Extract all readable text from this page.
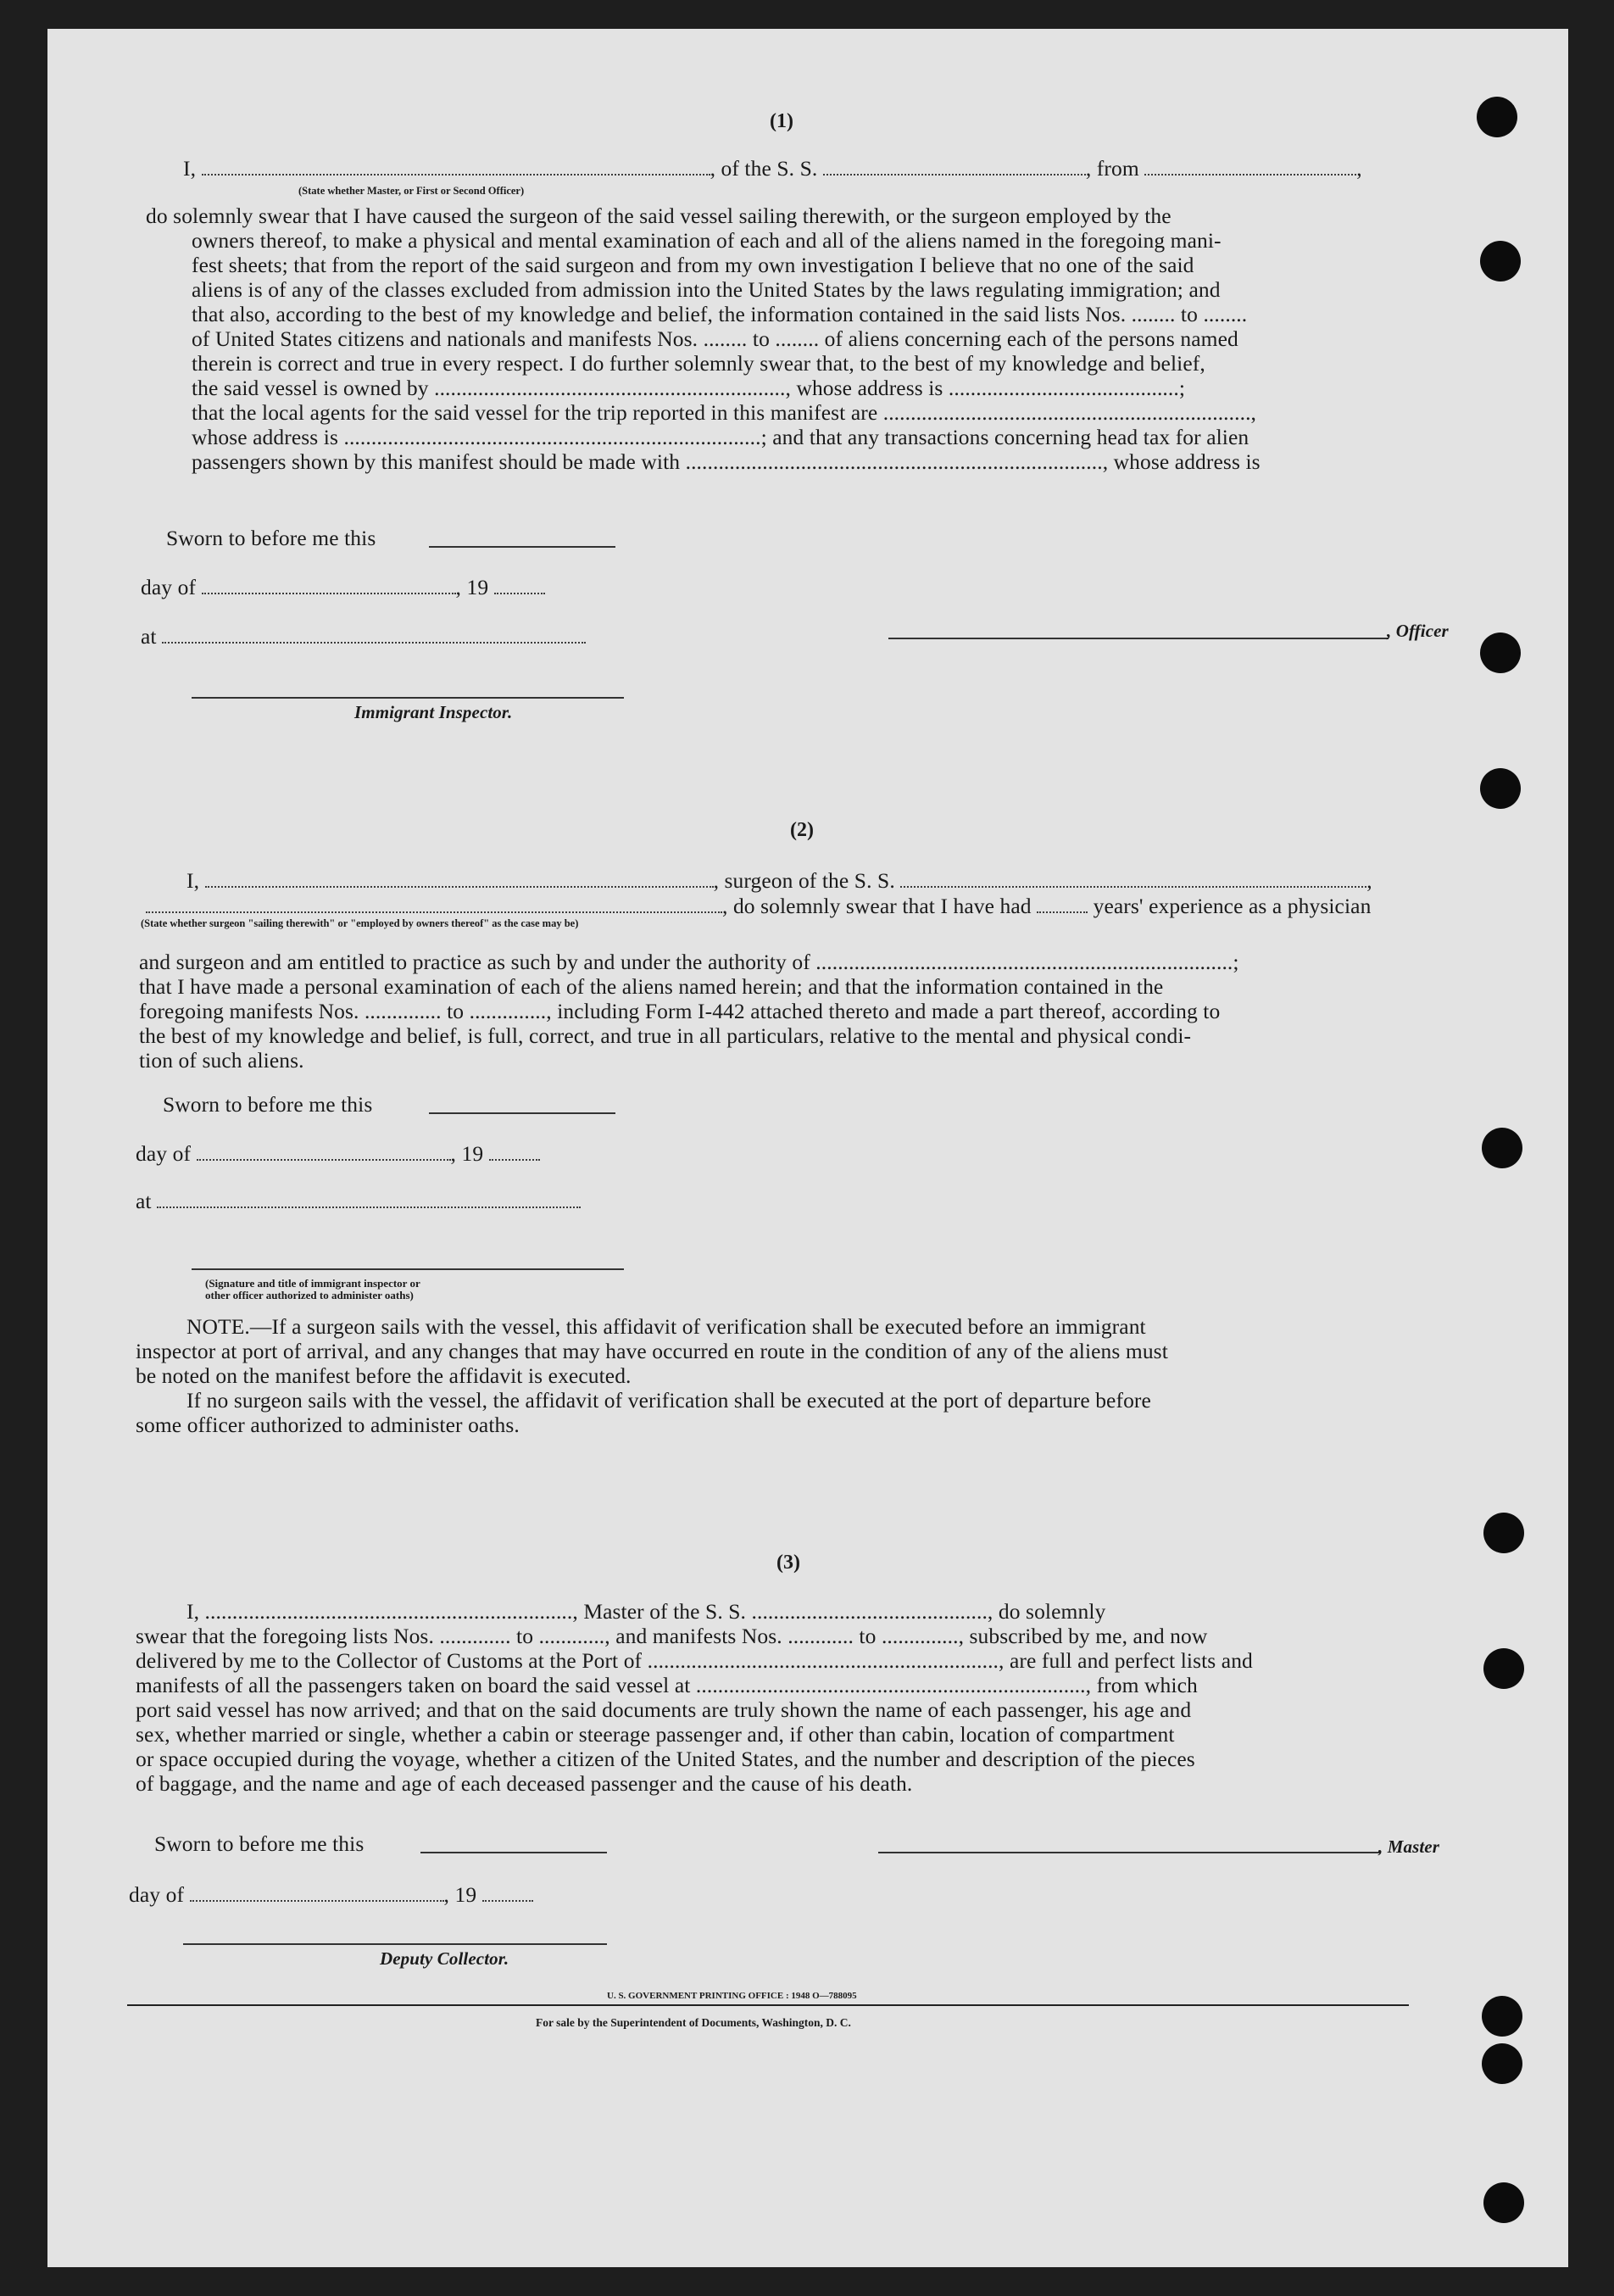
(1)
I,	, of the S. S.	, from	,
(State whether Master, or First or Second Officer)
do solemnly swear that I have caused the surgeon of the said vessel sailing therewith, or the surgeon employed by the
owners thereof, to make a physical and mental examination of each and all of the aliens named in the foregoing mani-
fest sheets; that from the report of the said surgeon and from my own investigation I believe that no one of the said
aliens is of any of the classes excluded from admission into the United States by the laws regulating immigration; and
that also, according to the best of my knowledge and belief, the information contained in the said lists Nos. ........ to ........
of United States citizens and nationals and manifests Nos. ........ to ........ of aliens concerning each of the persons named
therein is correct and true in every respect. I do further solemnly swear that, to the best of my knowledge and belief,
the said vessel is owned by ................................................................, whose address is ..........................................;
that the local agents for the said vessel for the trip reported in this manifest are ...................................................................,
whose address is ............................................................................; and that any transactions concerning head tax for alien
passengers shown by this manifest should be made with ............................................................................, whose address is
Sworn to before me this
day of	, 19
at	, Officer
Immigrant Inspector.
(2)
I,	, surgeon of the S. S.	,
, do solemnly swear that I have had	years' experience as a physician
(State whether surgeon "sailing therewith" or "employed by owners thereof" as the case may be)
and surgeon and am entitled to practice as such by and under the authority of ............................................................................;
that I have made a personal examination of each of the aliens named herein; and that the information contained in the
foregoing manifests Nos. .............. to .............., including Form I-442 attached thereto and made a part thereof, according to
the best of my knowledge and belief, is full, correct, and true in all particulars, relative to the mental and physical condi-
tion of such aliens.
Sworn to before me this
day of	, 19
at
(Signature and title of immigrant inspector or
other officer authorized to administer oaths)
NOTE.—If a surgeon sails with the vessel, this affidavit of verification shall be executed before an immigrant
inspector at port of arrival, and any changes that may have occurred en route in the condition of any of the aliens must
be noted on the manifest before the affidavit is executed.
If no surgeon sails with the vessel, the affidavit of verification shall be executed at the port of departure before
some officer authorized to administer oaths.
(3)
I, ..................................................................., Master of the S. S. ..........................................., do solemnly
swear that the foregoing lists Nos. ............. to ............, and manifests Nos. ............ to .............., subscribed by me, and now
delivered by me to the Collector of Customs at the Port of ................................................................, are full and perfect lists and
manifests of all the passengers taken on board the said vessel at ......................................................................., from which
port said vessel has now arrived; and that on the said documents are truly shown the name of each passenger, his age and
sex, whether married or single, whether a cabin or steerage passenger and, if other than cabin, location of compartment
or space occupied during the voyage, whether a citizen of the United States, and the number and description of the pieces
of baggage, and the name and age of each deceased passenger and the cause of his death.
Sworn to before me this	, Master
day of	, 19
Deputy Collector.
U. S. GOVERNMENT PRINTING OFFICE : 1948 O—788095
For sale by the Superintendent of Documents, Washington, D. C.
